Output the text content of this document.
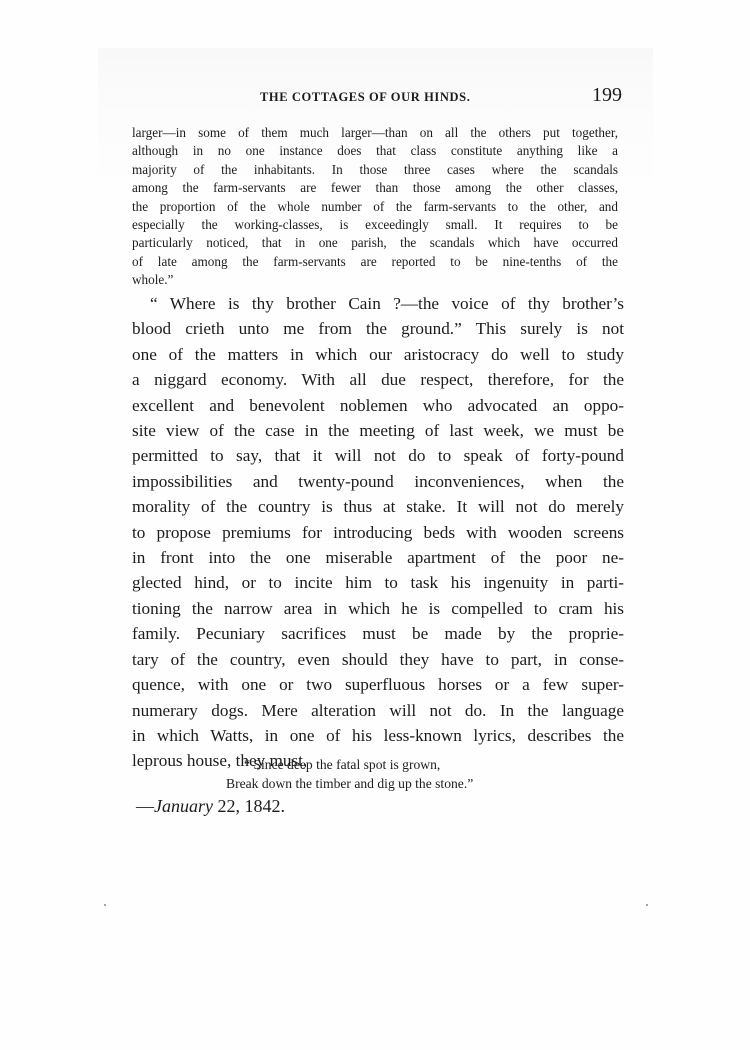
THE COTTAGES OF OUR HINDS.	199
larger—in some of them much larger—than on all the others put together,
although in no one instance does that class constitute anything like a
majority of the inhabitants. In those three cases where the scandals
among the farm-servants are fewer than those among the other classes,
the proportion of the whole number of the farm-servants to the other, and
especially the working-classes, is exceedingly small. It requires to be
particularly noticed, that in one parish, the scandals which have occurred
of late among the farm-servants are reported to be nine-tenths of the
whole.”
“ Where is thy brother Cain ?—the voice of thy brother’s
blood crieth unto me from the ground.” This surely is not
one of the matters in which our aristocracy do well to study
a niggard economy. With all due respect, therefore, for the
excellent and benevolent noblemen who advocated an oppo-
site view of the case in the meeting of last week, we must be
permitted to say, that it will not do to speak of forty-pound
impossibilities and twenty-pound inconveniences, when the
morality of the country is thus at stake. It will not do merely
to propose premiums for introducing beds with wooden screens
in front into the one miserable apartment of the poor ne-
glected hind, or to incite him to task his ingenuity in parti-
tioning the narrow area in which he is compelled to cram his
family. Pecuniary sacrifices must be made by the proprie-
tary of the country, even should they have to part, in conse-
quence, with one or two superfluous horses or a few super-
numerary dogs. Mere alteration will not do. In the language
in which Watts, in one of his less-known lyrics, describes the
leprous house, they must,
“ Since deep the fatal spot is grown,
Break down the timber and dig up the stone.”
—January 22, 1842.
